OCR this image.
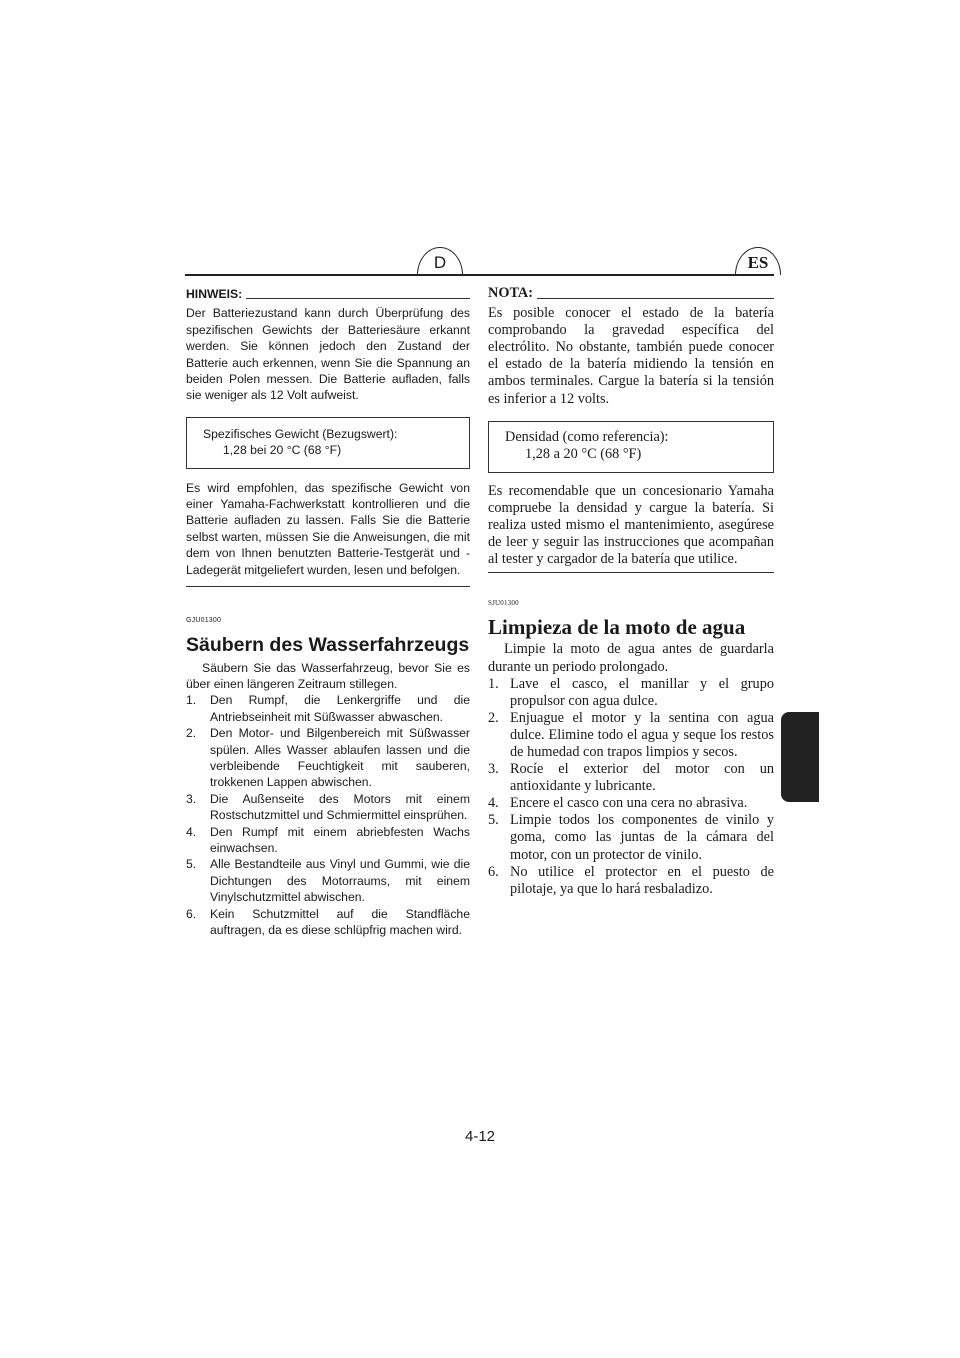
D	ES
HINWEIS:

Der Batteriezustand kann durch Überprüfung des spezifischen Gewichts der Batteriesäure erkannt werden. Sie können jedoch den Zustand der Batterie auch erkennen, wenn Sie die Spannung an beiden Polen messen. Die Batterie aufladen, falls sie weniger als 12 Volt aufweist.

Spezifisches Gewicht (Bezugswert):
1,28 bei 20 °C (68 °F)

Es wird empfohlen, das spezifische Gewicht von einer Yamaha-Fachwerkstatt kontrollieren und die Batterie aufladen zu lassen. Falls Sie die Batterie selbst warten, müssen Sie die Anweisungen, die mit dem von Ihnen benutzten Batterie-Testgerät und -Ladegerät mitgeliefert wurden, lesen und befolgen.

GJU01300
Säubern des Wasserfahrzeugs

Säubern Sie das Wasserfahrzeug, bevor Sie es über einen längeren Zeitraum stillegen.

1.	Den Rumpf, die Lenkergriffe und die Antriebseinheit mit Süßwasser abwaschen.
2.	Den Motor- und Bilgenbereich mit Süßwasser spülen. Alles Wasser ablaufen lassen und die verbleibende Feuchtigkeit mit sauberen, trokkenen Lappen abwischen.
3.	Die Außenseite des Motors mit einem Rostschutzmittel und Schmiermittel einsprühen.
4.	Den Rumpf mit einem abriebfesten Wachs einwachsen.
5.	Alle Bestandteile aus Vinyl und Gummi, wie die Dichtungen des Motorraums, mit einem Vinylschutzmittel abwischen.
6.	Kein Schutzmittel auf die Standfläche auftragen, da es diese schlüpfrig machen wird.
NOTA:

Es posible conocer el estado de la batería comprobando la gravedad específica del electrólito. No obstante, también puede conocer el estado de la batería midiendo la tensión en ambos terminales. Cargue la batería si la tensión es inferior a 12 volts.

Densidad (como referencia):
1,28 a 20 °C (68 °F)

Es recomendable que un concesionario Yamaha compruebe la densidad y cargue la batería. Si realiza usted mismo el mantenimiento, asegúrese de leer y seguir las instrucciones que acompañan al tester y cargador de la batería que utilice.

SJU01300
Limpieza de la moto de agua

Limpie la moto de agua antes de guardarla durante un periodo prolongado.

1. Lave el casco, el manillar y el grupo propulsor con agua dulce.
2. Enjuague el motor y la sentina con agua dulce. Elimine todo el agua y seque los restos de humedad con trapos limpios y secos.
3. Rocíe el exterior del motor con un antioxidante y lubricante.
4. Encere el casco con una cera no abrasiva.
5. Limpie todos los componentes de vinilo y goma, como las juntas de la cámara del motor, con un protector de vinilo.
6. No utilice el protector en el puesto de pilotaje, ya que lo hará resbaladizo.
4-12
